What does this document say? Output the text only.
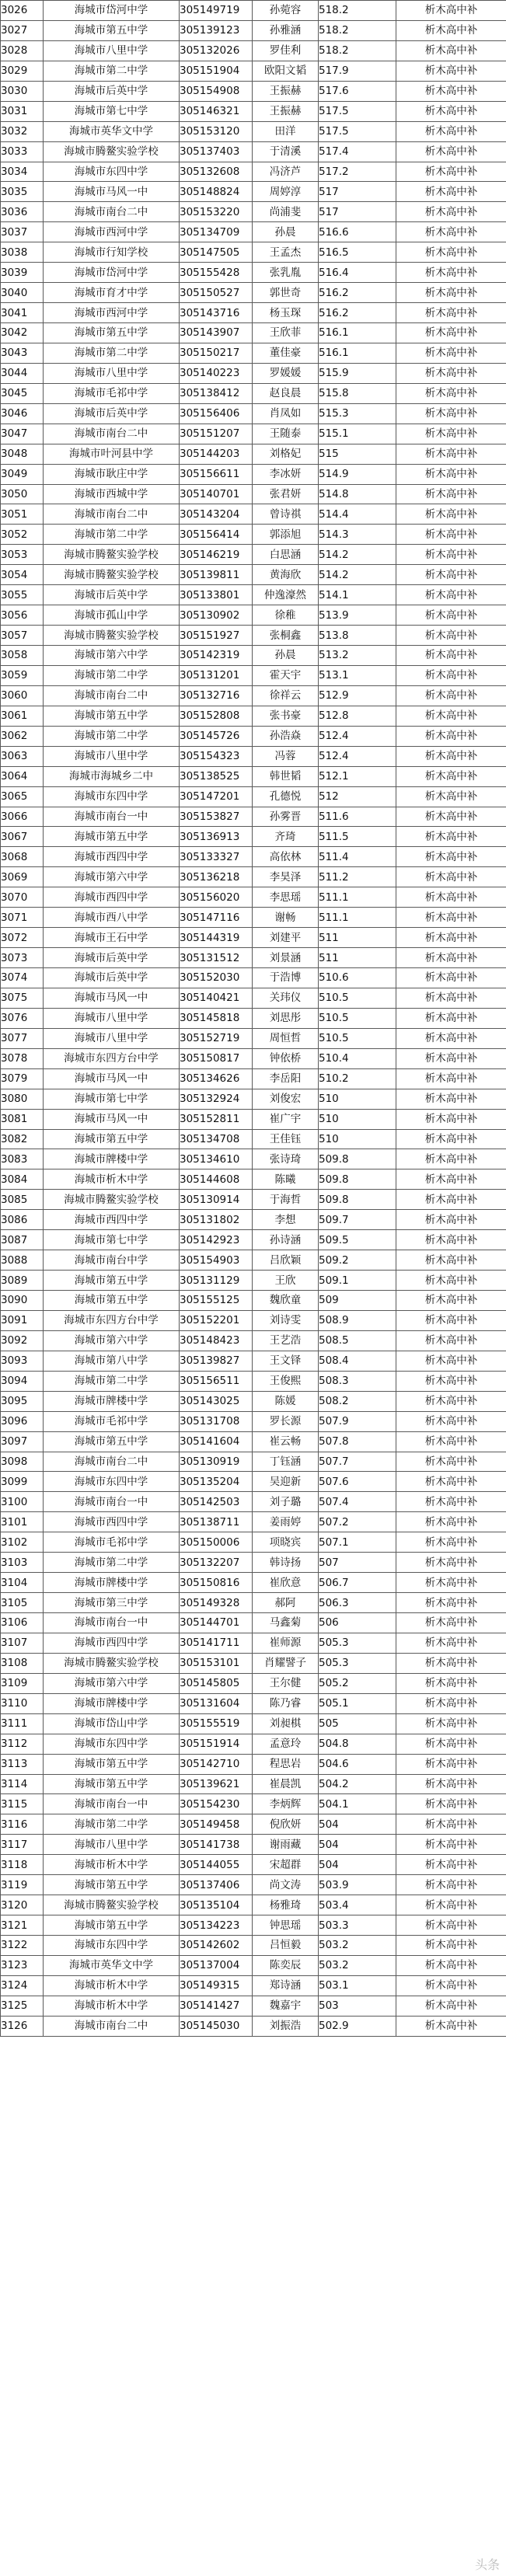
3026	海城市岱河中学	305149719	孙菀容	518.2	析木高中补
3027	海城市第五中学	305139123	孙雅涵	518.2	析木高中补
3028	海城市八里中学	305132026	罗佳利	518.2	析木高中补
3029	海城市第二中学	305151904	欧阳文韬	517.9	析木高中补
3030	海城市后英中学	305154908	王振赫	517.6	析木高中补
3031	海城市第七中学	305146321	王振赫	517.5	析木高中补
3032	海城市英华文中学	305153120	田洋	517.5	析木高中补
3033	海城市腾鳌实验学校	305137403	于清溪	517.4	析木高中补
3034	海城市东四中学	305132608	冯济芦	517.2	析木高中补
3035	海城市马风一中	305148824	周婷淳	517	析木高中补
3036	海城市南台二中	305153220	尚浦斐	517	析木高中补
3037	海城市西河中学	305134709	孙晨	516.6	析木高中补
3038	海城市行知学校	305147505	王孟杰	516.5	析木高中补
3039	海城市岱河中学	305155428	张乳胤	516.4	析木高中补
3040	海城市育才中学	305150527	郭世奇	516.2	析木高中补
3041	海城市西河中学	305143716	杨玉琛	516.2	析木高中补
3042	海城市第五中学	305143907	王欣菲	516.1	析木高中补
3043	海城市第二中学	305150217	董佳豪	516.1	析木高中补
3044	海城市八里中学	305140223	罗媛媛	515.9	析木高中补
3045	海城市毛祁中学	305138412	赵良晨	515.8	析木高中补
3046	海城市后英中学	305156406	肖凤如	515.3	析木高中补
3047	海城市南台二中	305151207	王随泰	515.1	析木高中补
3048	海城市叶河县中学	305144203	刘格妃	515	析木高中补
3049	海城市耿庄中学	305156611	李冰妍	514.9	析木高中补
3050	海城市西城中学	305140701	张君妍	514.8	析木高中补
3051	海城市南台二中	305143204	曾诗祺	514.4	析木高中补
3052	海城市第二中学	305156414	郭添旭	514.3	析木高中补
3053	海城市腾鳌实验学校	305146219	白思涵	514.2	析木高中补
3054	海城市腾鳌实验学校	305139811	黄海欣	514.2	析木高中补
3055	海城市后英中学	305133801	仲逸濠然	514.1	析木高中补
3056	海城市孤山中学	305130902	徐稚	513.9	析木高中补
3057	海城市腾鳌实验学校	305151927	张桐鑫	513.8	析木高中补
3058	海城市第六中学	305142319	孙晨	513.2	析木高中补
3059	海城市第二中学	305131201	霍天宇	513.1	析木高中补
3060	海城市南台二中	305132716	徐祥云	512.9	析木高中补
3061	海城市第五中学	305152808	张书豪	512.8	析木高中补
3062	海城市第二中学	305145726	孙浩焱	512.4	析木高中补
3063	海城市八里中学	305154323	冯蓉	512.4	析木高中补
3064	海城市海城乡二中	305138525	韩世韬	512.1	析木高中补
3065	海城市东四中学	305147201	孔德悦	512	析木高中补
3066	海城市南台一中	305153827	孙雾晋	511.6	析木高中补
3067	海城市第五中学	305136913	齐琦	511.5	析木高中补
3068	海城市西四中学	305133327	高依林	511.4	析木高中补
3069	海城市第六中学	305136218	李昊泽	511.2	析木高中补
3070	海城市西四中学	305156020	李思瑶	511.1	析木高中补
3071	海城市西八中学	305147116	谢畅	511.1	析木高中补
3072	海城市王石中学	305144319	刘建平	511	析木高中补
3073	海城市后英中学	305131512	刘景涵	511	析木高中补
3074	海城市后英中学	305152030	于浩博	510.6	析木高中补
3075	海城市马风一中	305140421	关玮仪	510.5	析木高中补
3076	海城市八里中学	305145818	刘思彤	510.5	析木高中补
3077	海城市八里中学	305152719	周恒哲	510.5	析木高中补
3078	海城市东四方台中学	305150817	钟依桥	510.4	析木高中补
3079	海城市马风一中	305134626	李岳阳	510.2	析木高中补
3080	海城市第七中学	305132924	刘俊宏	510	析木高中补
3081	海城市马风一中	305152811	崔广宇	510	析木高中补
3082	海城市第五中学	305134708	王佳钰	510	析木高中补
3083	海城市牌楼中学	305134610	张诗琦	509.8	析木高中补
3084	海城市析木中学	305144608	陈曦	509.8	析木高中补
3085	海城市腾鳌实验学校	305130914	于海哲	509.8	析木高中补
3086	海城市西四中学	305131802	李想	509.7	析木高中补
3087	海城市第七中学	305142923	孙诗涵	509.5	析木高中补
3088	海城市南台中学	305154903	吕欣颖	509.2	析木高中补
3089	海城市第五中学	305131129	王欣	509.1	析木高中补
3090	海城市第五中学	305155125	魏欣童	509	析木高中补
3091	海城市东四方台中学	305152201	刘诗雯	508.9	析木高中补
3092	海城市第六中学	305148423	王艺浩	508.5	析木高中补
3093	海城市第八中学	305139827	王文铎	508.4	析木高中补
3094	海城市第二中学	305156511	王俊熙	508.3	析木高中补
3095	海城市牌楼中学	305143025	陈媛	508.2	析木高中补
3096	海城市毛祁中学	305131708	罗长源	507.9	析木高中补
3097	海城市第五中学	305141604	崔云畅	507.8	析木高中补
3098	海城市南台二中	305130919	丁钰涵	507.7	析木高中补
3099	海城市东四中学	305135204	吴迎新	507.6	析木高中补
3100	海城市南台一中	305142503	刘子璐	507.4	析木高中补
3101	海城市西四中学	305138711	姜雨婷	507.2	析木高中补
3102	海城市毛祁中学	305150006	项晓宾	507.1	析木高中补
3103	海城市第二中学	305132207	韩诗扬	507	析木高中补
3104	海城市牌楼中学	305150816	崔欣意	506.7	析木高中补
3105	海城市第三中学	305149328	郝阿	506.3	析木高中补
3106	海城市南台一中	305144701	马鑫菊	506	析木高中补
3107	海城市西四中学	305141711	崔师源	505.3	析木高中补
3108	海城市腾鳌实验学校	305153101	肖耀譬子	505.3	析木高中补
3109	海城市第六中学	305145805	王尔健	505.2	析木高中补
3110	海城市牌楼中学	305131604	陈乃睿	505.1	析木高中补
3111	海城市岱山中学	305155519	刘昶棋	505	析木高中补
3112	海城市东四中学	305151914	孟意玲	504.8	析木高中补
3113	海城市第五中学	305142710	程思岩	504.6	析木高中补
3114	海城市第五中学	305139621	崔晨凯	504.2	析木高中补
3115	海城市南台一中	305154230	李炳辉	504.1	析木高中补
3116	海城市第二中学	305149458	倪欣妍	504	析木高中补
3117	海城市八里中学	305141738	谢雨藏	504	析木高中补
3118	海城市析木中学	305144055	宋超群	504	析木高中补
3119	海城市第五中学	305137406	尚文涛	503.9	析木高中补
3120	海城市腾鳌实验学校	305135104	杨雅琦	503.4	析木高中补
3121	海城市第五中学	305134223	钟思瑶	503.3	析木高中补
3122	海城市东四中学	305142602	吕恒毅	503.2	析木高中补
3123	海城市英华文中学	305137004	陈奕辰	503.2	析木高中补
3124	海城市析木中学	305149315	郑诗涵	503.1	析木高中补
3125	海城市析木中学	305141427	魏嘉宇	503	析木高中补
3126	海城市南台二中	305145030	刘振浩	502.9	析木高中补
头条
